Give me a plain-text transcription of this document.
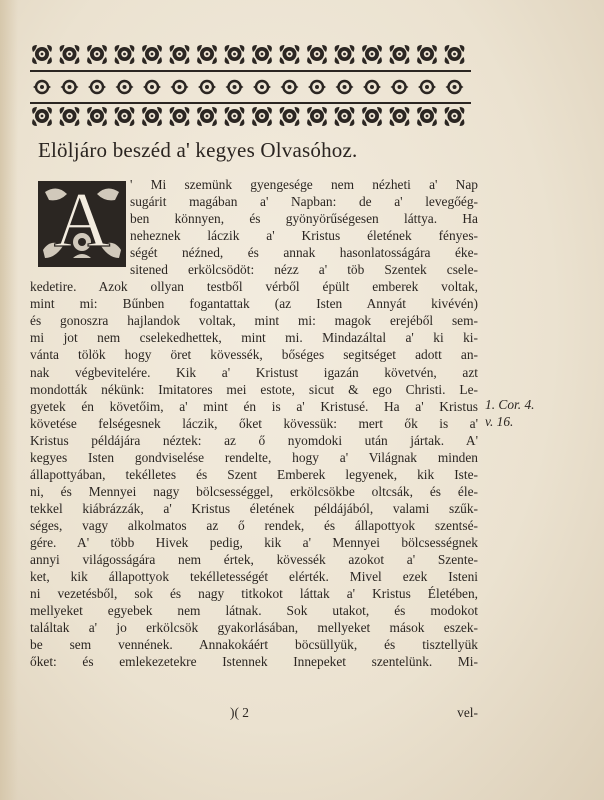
Elöljáro beszéd a' kegyes Olvasóhoz.
A	' Mi szemünk gyengesége nem nézheti a' Nap
sugárit magában a' Napban: de a' levegőég-
ben könnyen, és gyönyörűségesen láttya. Ha
neheznek láczik a' Kristus életének fényes-
ségét néźned, és annak hasonlatosságára éke-
sitened erkölcsödöt: nézz a' töb Szentek csele-
kedetire. Azok ollyan testből vérből épült emberek voltak,
mint mi: Bűnben fogantattak (az Isten Annyát kivévén)
és gonoszra hajlandok voltak, mint mi: magok erejéből sem-
mi jot nem cselekedhettek, mint mi. Mindazáltal a' ki ki-
vánta tölök hogy öret kövessék, bőséges segitséget adott an-
nak végbevitelére. Kik a' Kristust igazán követvén, azt
mondották nékünk: Imitatores mei estote, sicut & ego Christi. Le-
gyetek én követőim, a' mint én is a' Kristusé. Ha a' Kristus
követése felségesnek láczik, őket kövessük: mert ők is a'
Kristus példájára néztek: az ő nyomdoki után jártak. A'
kegyes Isten gondviselése rendelte, hogy a' Világnak minden
állapottyában, tekélletes és Szent Emberek legyenek, kik Iste-
ni, és Mennyei nagy bölcsességgel, erkölcsökbe oltcsák, és éle-
tekkel kiábrázzák, a' Kristus életének példájából, valami szűk-
séges, vagy alkolmatos az ő rendek, és állapottyok szentsé-
gére. A' több Hivek pedig, kik a' Mennyei bölcsességnek
annyi világosságára nem értek, kövessék azokot a' Szente-
ket, kik állapottyok tekélletességét elérték. Mivel ezek Isteni
ni vezetésből, sok és nagy titkokot láttak a' Kristus Életében,
mellyeket egyebek nem látnak. Sok utakot, és modokot
találtak a' jo erkölcsök gyakorlásában, mellyeket mások eszek-
be sem vennének. Annakokáért böcsüllyük, és tisztellyük
őket: és emlekezetekre Istennek Innepeket szentelünk. Mi-
1. Cor. 4.
v. 16.
)( 2	vel-
